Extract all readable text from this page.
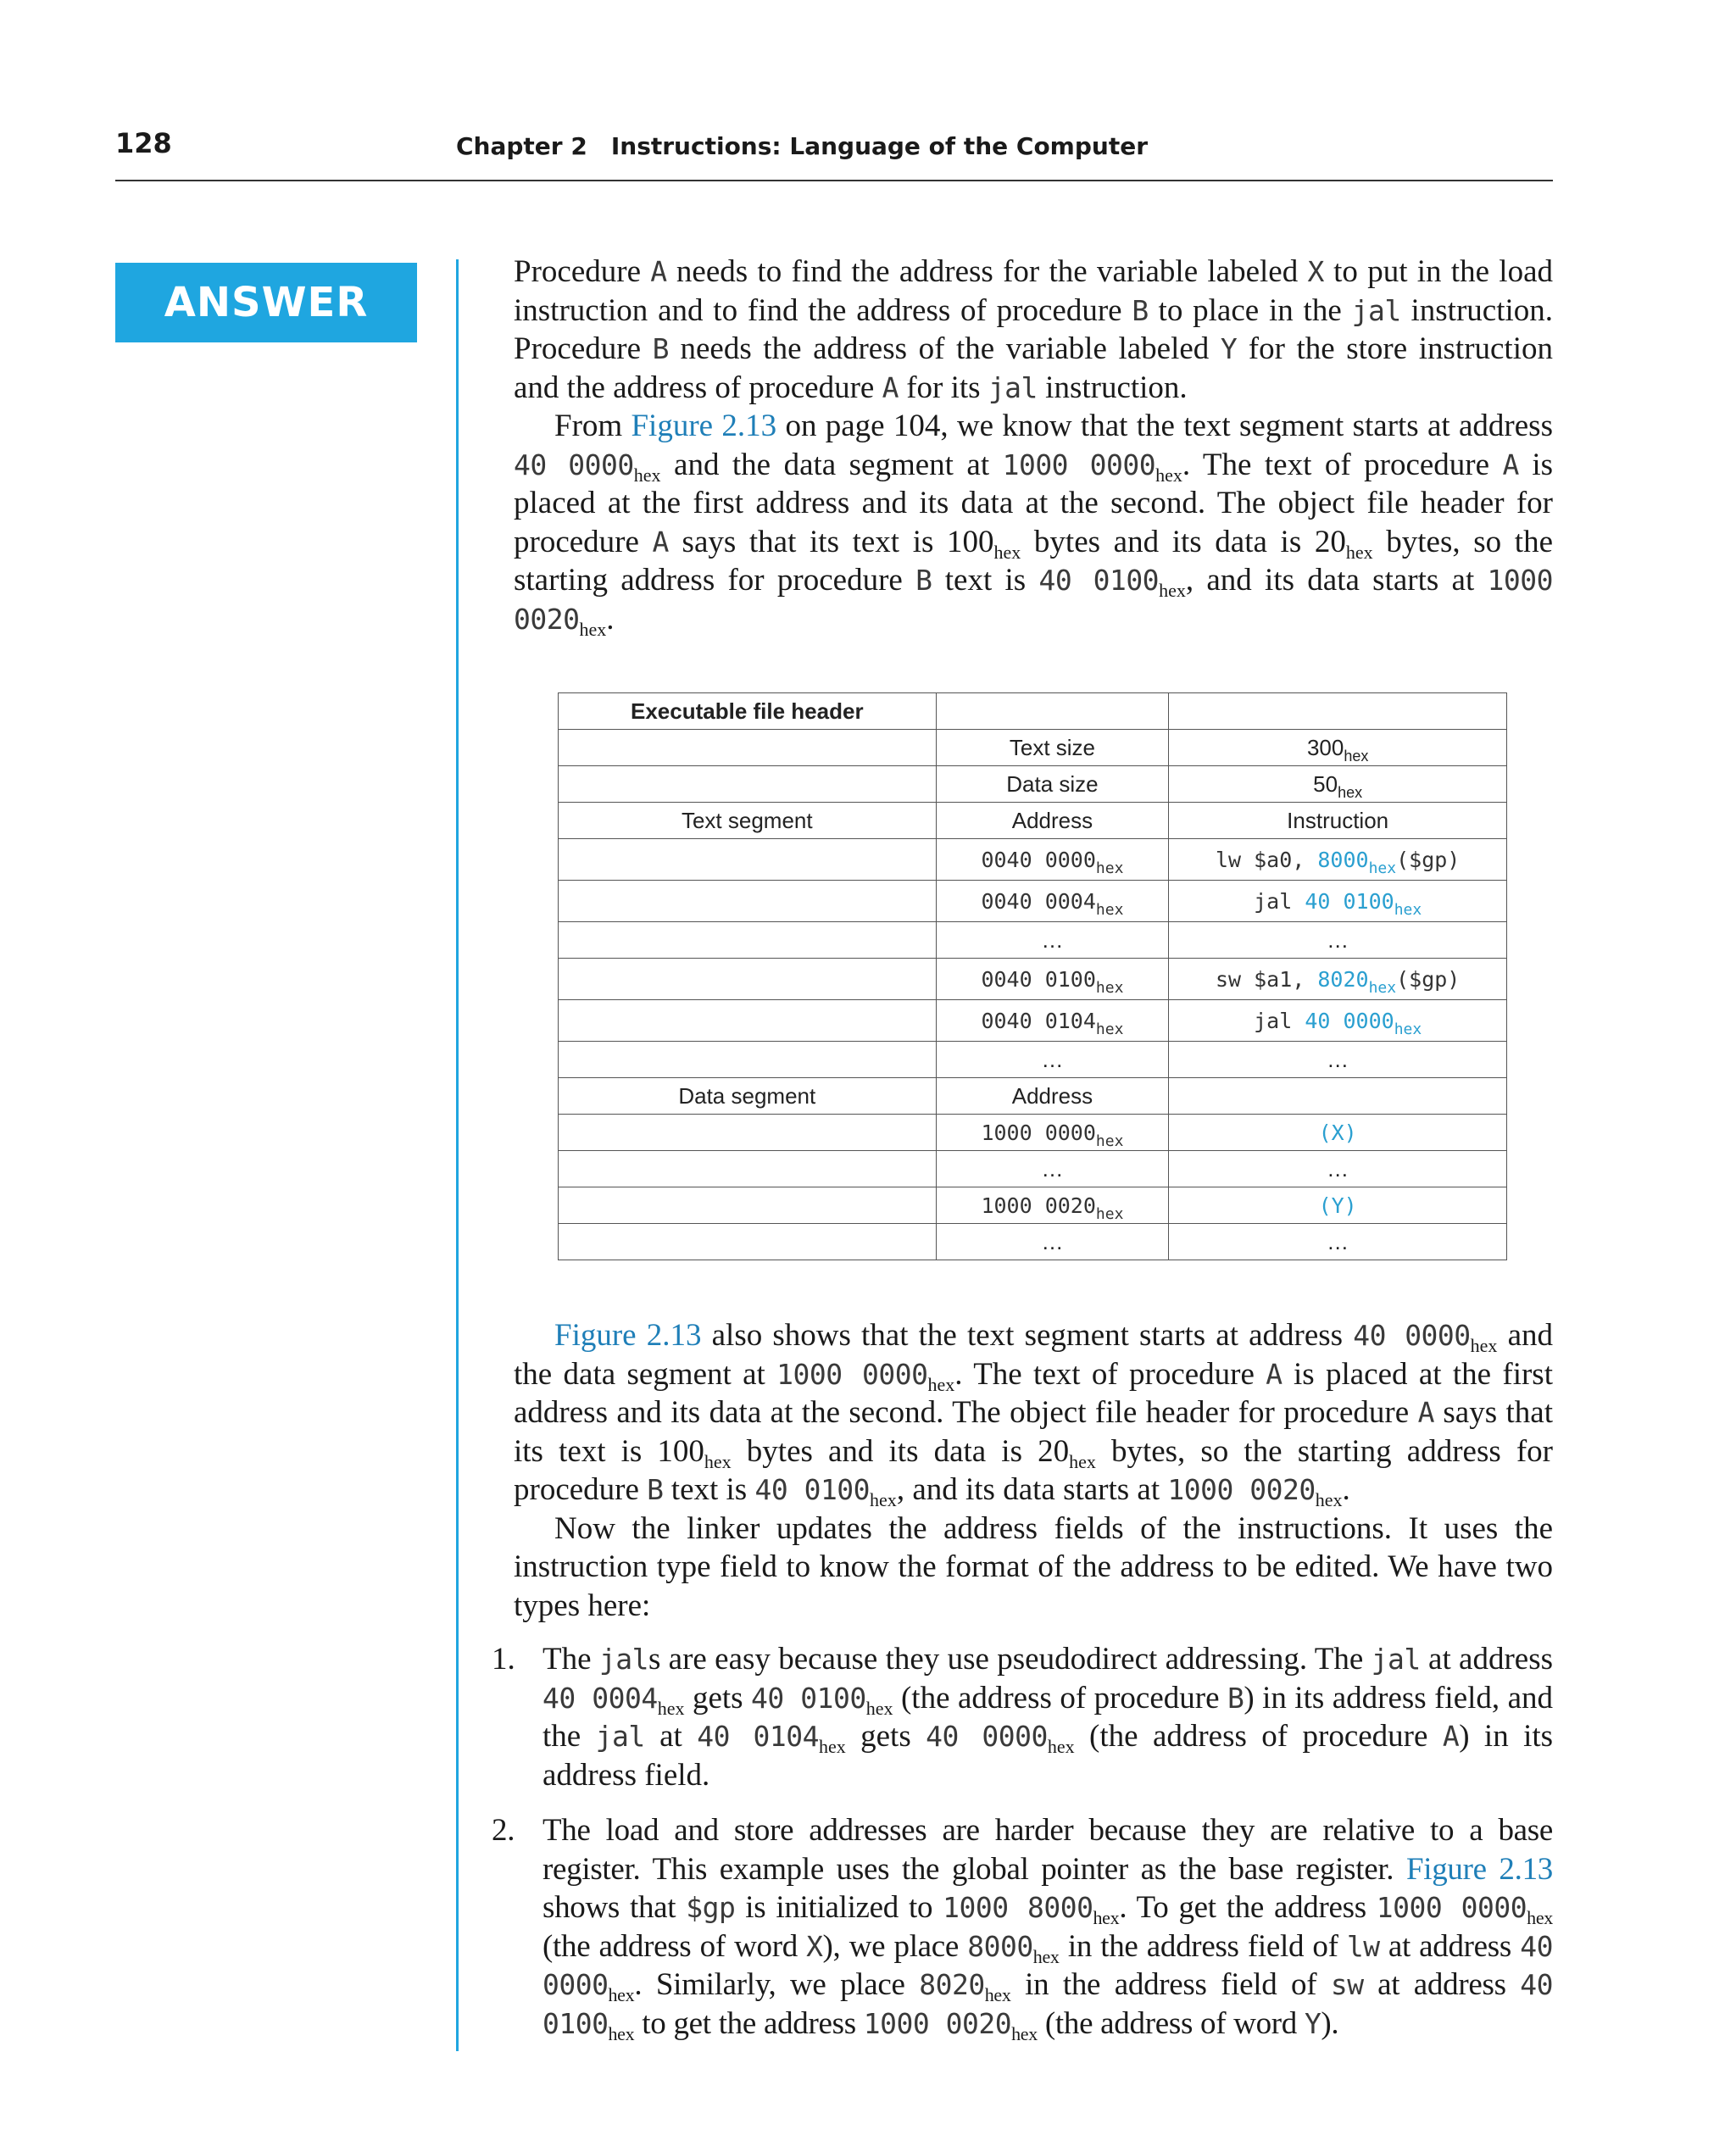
128	Chapter 2 Instructions: Language of the Computer
ANSWER

Procedure A needs to find the address for the variable labeled X to put in the load instruction and to find the address of procedure B to place in the jal instruction. Procedure B needs the address of the variable labeled Y for the store instruction and the address of procedure A for its jal instruction.

From Figure 2.13 on page 104, we know that the text segment starts at address 40 $0000_{hex}$ and the data segment at 1000 $0000_{hex}$. The text of procedure A is placed at the first address and its data at the second. The object file header for procedure A says that its text is $100_{hex}$ bytes and its data is $20_{hex}$ bytes, so the starting address for procedure B text is 40 $0100_{hex}$, and its data starts at 1000 $0020_{hex}$.

Executable file header		
	Text size	$300_{hex}$
	Data size	$50_{hex}$
Text segment	Address	Instruction
	0040 $0000_{hex}$	lw $a0, $8000_{hex}(\$gp)$
	0040 $0004_{hex}$	jal 40 $0100_{hex}$
	…	…
	0040 $0100_{hex}$	sw $a1, $8020_{hex}(\$gp)$
	0040 $0104_{hex}$	jal 40 $0000_{hex}$
	…	…
Data segment	Address	
	1000 $0000_{hex}$	(X)
	…	…
	1000 $0020_{hex}$	(Y)
	…	…

Figure 2.13 also shows that the text segment starts at address 40 $0000_{hex}$ and the data segment at 1000 $0000_{hex}$. The text of procedure A is placed at the first address and its data at the second. The object file header for procedure A says that its text is $100_{hex}$ bytes and its data is $20_{hex}$ bytes, so the starting address for procedure B text is 40 $0100_{hex}$, and its data starts at 1000 $0020_{hex}$.

Now the linker updates the address fields of the instructions. It uses the instruction type field to know the format of the address to be edited. We have two types here:

1. The jals are easy because they use pseudodirect addressing. The jal at address 40 $0004_{hex}$ gets 40 $0100_{hex}$ (the address of procedure B) in its address field, and the jal at 40 $0104_{hex}$ gets 40 $0000_{hex}$ (the address of procedure A) in its address field.
2. The load and store addresses are harder because they are relative to a base register. This example uses the global pointer as the base register. Figure 2.13 shows that $gp is initialized to 1000 $8000_{hex}$. To get the address 1000 $0000_{hex}$ (the address of word X), we place $8000_{hex}$ in the address field of lw at address 40 $0000_{hex}$. Similarly, we place $8020_{hex}$ in the address field of sw at address 40 $0100_{hex}$ to get the address 1000 $0020_{hex}$ (the address of word Y).
